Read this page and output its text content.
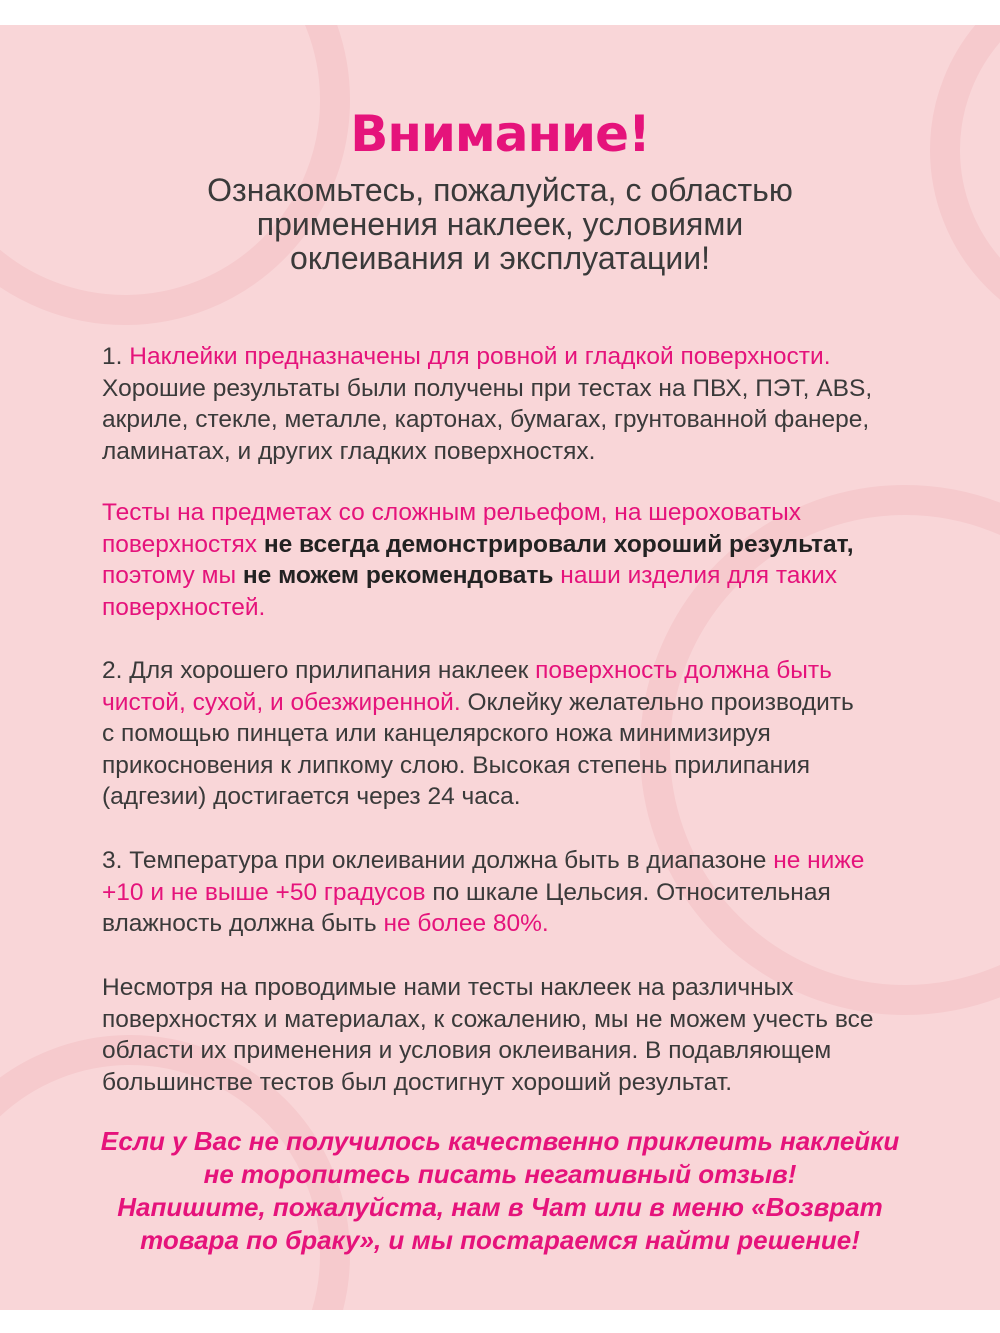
Внимание!
Ознакомьтесь, пожалуйста, с областью
применения наклеек, условиями
оклеивания и эксплуатации!
1. Наклейки предназначены для ровной и гладкой поверхности.
Хорошие результаты были получены при тестах на ПВХ, ПЭТ, ABS,
акриле, стекле, металле, картонах, бумагах, грунтованной фанере,
ламинатах, и других гладких поверхностях.
Тесты на предметах со сложным рельефом, на шероховатых
поверхностях не всегда демонстрировали хороший результат,
поэтому мы не можем рекомендовать наши изделия для таких
поверхностей.
2. Для хорошего прилипания наклеек поверхность должна быть
чистой, сухой, и обезжиренной. Оклейку желательно производить
с помощью пинцета или канцелярского ножа минимизируя
прикосновения к липкому слою. Высокая степень прилипания
(адгезии) достигается через 24 часа.
3. Температура при оклеивании должна быть в диапазоне не ниже
+10 и не выше +50 градусов по шкале Цельсия. Относительная
влажность должна быть не более 80%.
Несмотря на проводимые нами тесты наклеек на различных
поверхностях и материалах, к сожалению, мы не можем учесть все
области их применения и условия оклеивания. В подавляющем
большинстве тестов был достигнут хороший результат.
Если у Вас не получилось качественно приклеить наклейки
не торопитесь писать негативный отзыв!
Напишите, пожалуйста, нам в Чат или в меню «Возврат
товара по браку», и мы постараемся найти решение!
